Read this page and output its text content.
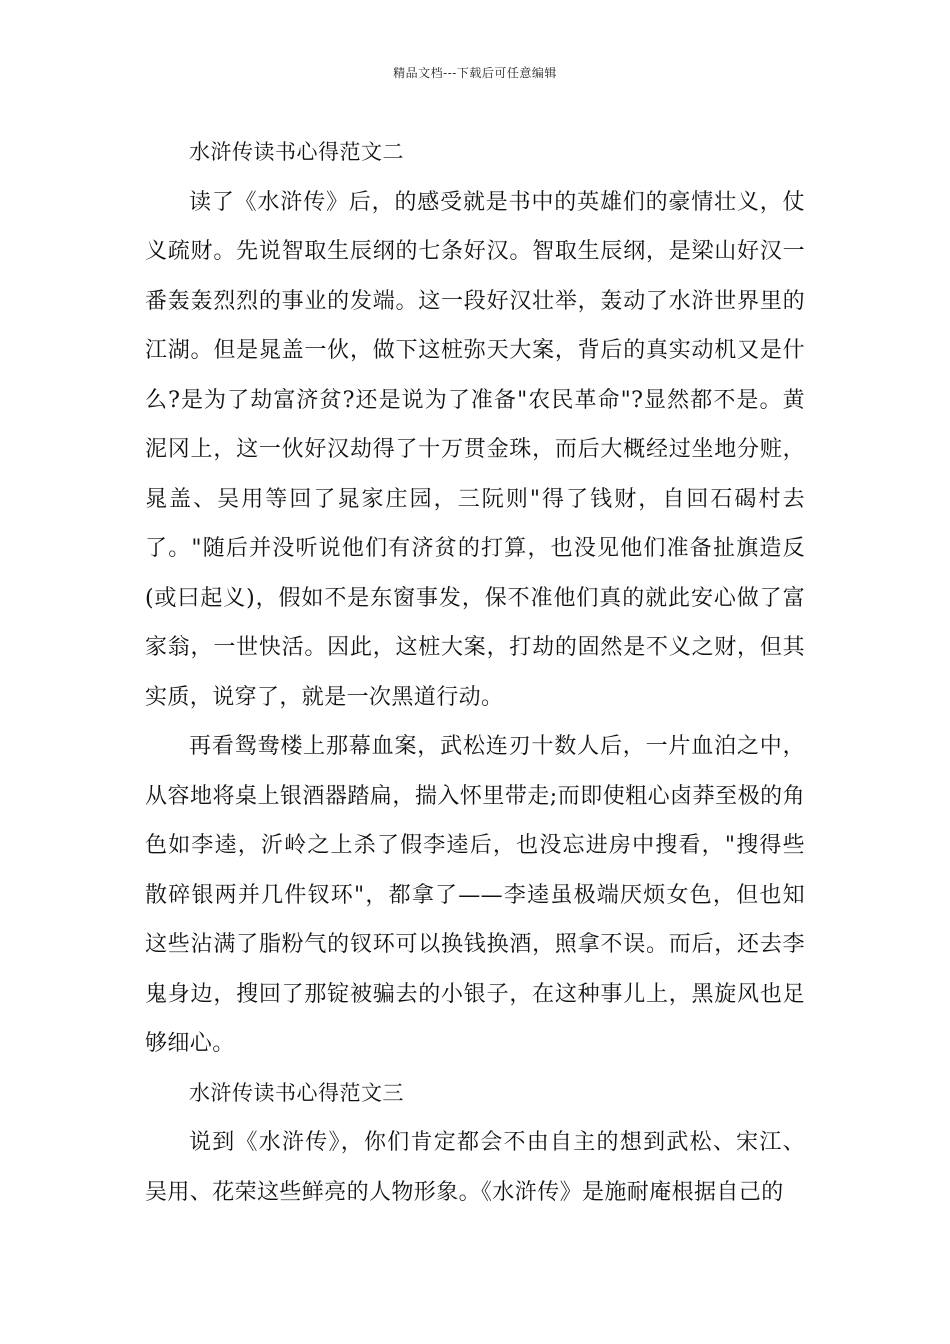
精品文档---下载后可任意编辑

水浒传读书心得范文二

读了《水浒传》后，的感受就是书中的英雄们的豪情壮义，仗义疏财。先说智取生辰纲的七条好汉。智取生辰纲，是梁山好汉一番轰轰烈烈的事业的发端。这一段好汉壮举，轰动了水浒世界里的江湖。但是晁盖一伙，做下这桩弥天大案，背后的真实动机又是什么?是为了劫富济贫?还是说为了准备"农民革命"?显然都不是。黄泥冈上，这一伙好汉劫得了十万贯金珠，而后大概经过坐地分赃，晁盖、吴用等回了晁家庄园，三阮则"得了钱财，自回石碣村去了。"随后并没听说他们有济贫的打算，也没见他们准备扯旗造反(或曰起义)，假如不是东窗事发，保不准他们真的就此安心做了富家翁，一世快活。因此，这桩大案，打劫的固然是不义之财，但其实质，说穿了，就是一次黑道行动。

再看鸳鸯楼上那幕血案，武松连刃十数人后，一片血泊之中，从容地将桌上银酒器踏扁，揣入怀里带走;而即使粗心卤莽至极的角色如李逵，沂岭之上杀了假李逵后，也没忘进房中搜看，"搜得些散碎银两并几件钗环"，都拿了——李逵虽极端厌烦女色，但也知这些沾满了脂粉气的钗环可以换钱换酒，照拿不误。而后，还去李鬼身边，搜回了那锭被骗去的小银子，在这种事儿上，黑旋风也足够细心。

水浒传读书心得范文三

说到《水浒传》，你们肯定都会不由自主的想到武松、宋江、吴用、花荣这些鲜亮的人物形象。《水浒传》是施耐庵根据自己的
